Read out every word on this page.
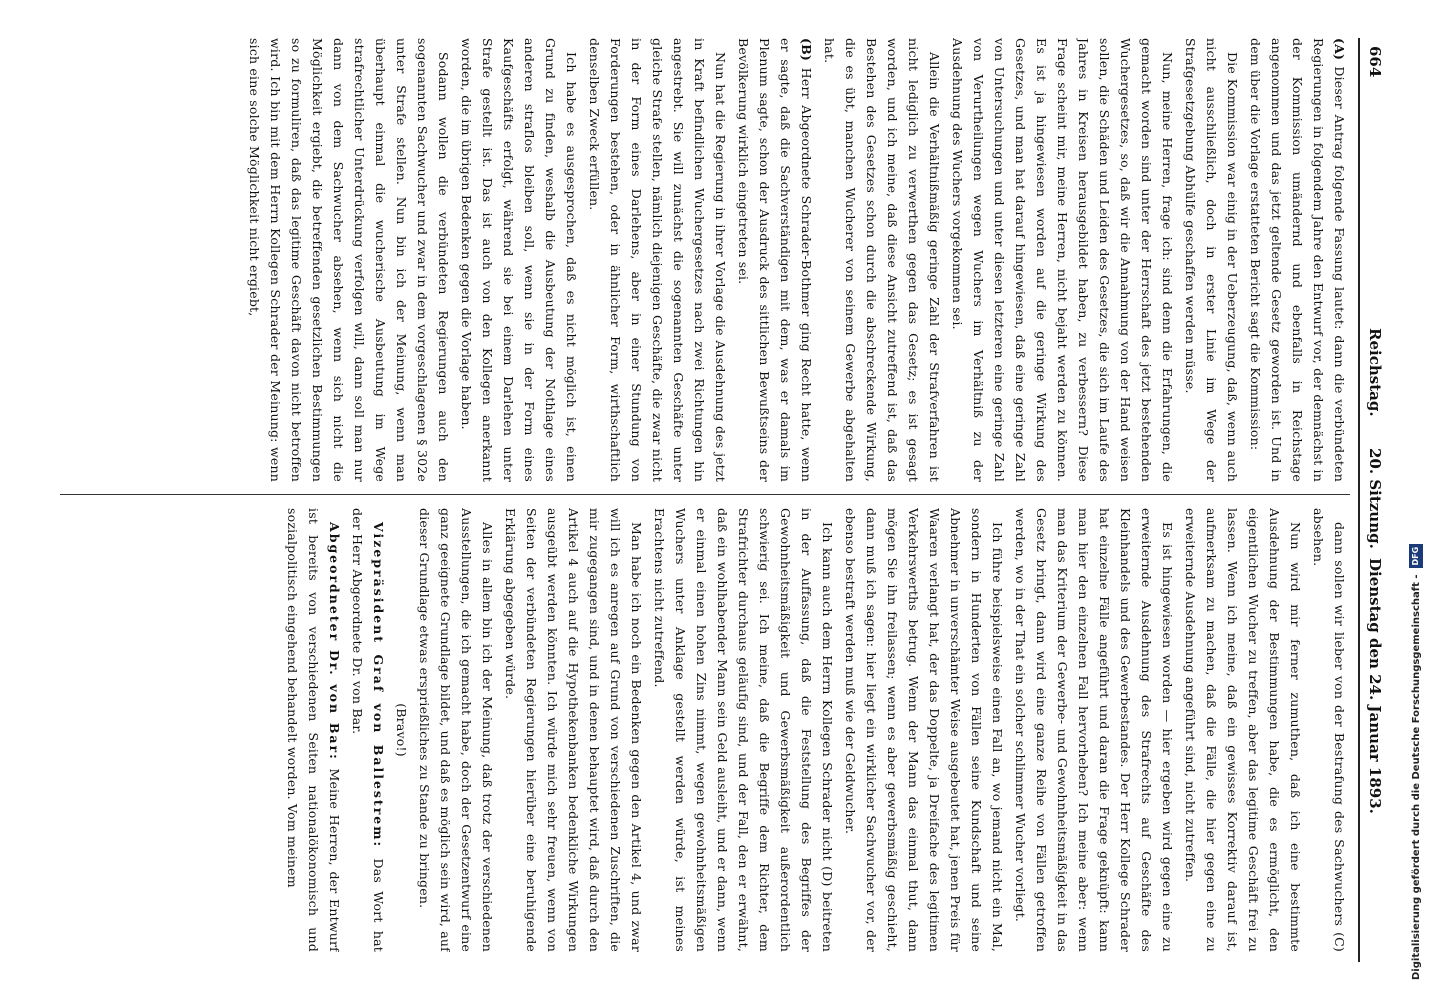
664
Reichstag.
20. Sitzung.
Dienstag den 24. Januar 1893.

(A) Dieser Antrag folgende Fassung lautet: dann die verbündeten Regierungen in folgendem Jahre den Entwurf vor, der demnächst in der Kommission umändernd und ebenfalls in Reichstage angenommen und das jetzt geltende Gesetz geworden ist. Und in dem über die Vorlage erstatteten Bericht sagt die Kommission:

Die Kommission war einig in der Ueberzeugung, daß, wenn auch nicht ausschließlich, doch in erster Linie im Wege der Strafgesetzgebung Abhülfe geschaffen werden müsse.

Nun, meine Herren, frage ich: sind denn die Erfahrungen, die gemacht worden sind unter der Herrschaft des jetzt bestehenden Wuchergesetzes, so, daß wir die Annahmung von der Hand weisen sollen, die Schäden und Leiden des Gesetzes, die sich im Laufe des Jahres in Kreisen herausgebildet haben, zu verbessern? Diese Frage scheint mir, meine Herren, nicht bejaht werden zu können. Es ist ja hingewiesen worden auf die geringe Wirkung des Gesetzes, und man hat darauf hingewiesen, daß eine geringe Zahl von Untersuchungen und unter diesen letzteren eine geringe Zahl von Verurtheilungen wegen Wuchers im Verhältniß zu der Ausdehnung des Wuchers vorgekommen sei.

Allein die Verhältnißmäßig geringe Zahl der Strafverfahren ist nicht lediglich zu verwerthen gegen das Gesetz; es ist gesagt worden, und ich meine, daß diese Ansicht zutreffend ist, daß das Bestehen des Gesetzes schon durch die abschreckende Wirkung, die es übt, manchen Wucherer von seinem Gewerbe abgehalten hat.

(B) Herr Abgeordnete Schrader-Bothmer ging Recht hatte, wenn er sagte, daß die Sachverständigen mit dem, was er damals im Plenum sagte, schon der Ausdruck des sittlichen Bewußtseins der Bevölkerung wirklich eingetreten sei.

Nun hat die Regierung in ihrer Vorlage die Ausdehnung des jetzt in Kraft befindlichen Wuchergesetzes nach zwei Richtungen hin angestrebt. Sie will zunächst die sogenannten Geschäfte unter gleiche Strafe stellen, nämlich diejenigen Geschäfte, die zwar nicht in der Form eines Darlehens, aber in einer Stundung von Forderungen bestehen, oder in ähnlicher Form, wirthschaftlich denselben Zweck erfüllen.

Ich habe es ausgesprochen, daß es nicht möglich ist, einen Grund zu finden, weshalb die Ausbeutung der Nothlage eines anderen straflos bleiben soll, wenn sie in der Form eines Kaufgeschäfts erfolgt, während sie bei einem Darlehen unter Strafe gestellt ist. Das ist auch von den Kollegen anerkannt worden, die im übrigen Bedenken gegen die Vorlage haben.

Sodann wollen die verbündeten Regierungen auch den sogenannten Sachwucher und zwar in dem vorgeschlagenen § 302e unter Strafe stellen. Nun bin ich der Meinung, wenn man überhaupt einmal die wucherische Ausbeutung im Wege strafrechtlicher Unterdrückung verfolgen will, dann soll man nur dann von dem Sachwucher absehen, wenn sich nicht die Möglichkeit ergiebt, die betreffenden gesetzlichen Bestimmungen so zu formuliren, daß das legitime Geschäft davon nicht betroffen wird. Ich bin mit dem Herrn Kollegen Schrader der Meinung: wenn sich eine solche Möglichkeit nicht ergiebt,

dann sollen wir lieber von der Bestrafung des Sachwuchers (C) absehen.

Nun wird mir ferner zumuthen, daß ich eine bestimmte Ausdehnung der Bestimmungen habe, die es ermöglicht, den eigentlichen Wucher zu treffen, aber das legitime Geschäft frei zu lassen. Wenn ich meine, daß ein gewisses Korrektiv darauf ist, aufmerksam zu machen, daß die Fälle, die hier gegen eine zu erweiternde Ausdehnung angeführt sind, nicht zutreffen.

Es ist hingewiesen worden — hier ergeben wird gegen eine zu erweiternde Ausdehnung des Strafrechts auf Geschäfte des Kleinhandels und des Gewerbestandes. Der Herr Kollege Schrader hat einzelne Fälle angeführt und daran die Frage geknüpft: kann man hier den einzelnen Fall hervorheben? Ich meine aber: wenn man das Kriterium der Gewerbe- und Gewohnheitsmäßigkeit in das Gesetz bringt, dann wird eine ganze Reihe von Fällen getroffen werden, wo in der That ein solcher schlimmer Wucher vorliegt.

Ich führe beispielsweise einen Fall an, wo jemand nicht ein Mal, sondern in Hunderten von Fällen seine Kundschaft und seine Abnehmer in unverschämter Weise ausgebeutet hat, jenen Preis für Waaren verlangt hat, der das Doppelte, ja Dreifache des legitimen Verkehrswerths betrug. Wenn der Mann das einmal thut, dann mögen Sie ihn freilassen; wenn es aber gewerbsmäßig geschieht, dann muß ich sagen: hier liegt ein wirklicher Sachwucher vor, der ebenso bestraft werden muß wie der Geldwucher.

Ich kann auch dem Herrn Kollegen Schrader nicht (D) beitreten in der Auffassung, daß die Feststellung des Begriffes der Gewohnheitsmäßigkeit und Gewerbsmäßigkeit außerordentlich schwierig sei. Ich meine, daß die Begriffe dem Richter, dem Strafrichter durchaus geläufig sind, und der Fall, den er erwähnt, daß ein wohlhabender Mann sein Geld ausleiht, und er dann, wenn er einmal einen hohen Zins nimmt, wegen gewohnheitsmäßigen Wuchers unter Anklage gestellt werden würde, ist meines Erachtens nicht zutreffend.

Man habe ich noch ein Bedenken gegen den Artikel 4, und zwar will ich es anregen auf Grund von verschiedenen Zuschriften, die mir zugegangen sind, und in denen behauptet wird, daß durch den Artikel 4 auch auf die Hypothekenbanken bedenkliche Wirkungen ausgeübt werden könnten. Ich würde mich sehr freuen, wenn von Seiten der verbündeten Regierungen hierüber eine beruhigende Erklärung abgegeben würde.

Alles in allem bin ich der Meinung, daß trotz der verschiedenen Ausstellungen, die ich gemacht habe, doch der Gesetzentwurf eine ganz geeignete Grundlage bildet, und daß es möglich sein wird, auf dieser Grundlage etwas ersprießliches zu Stande zu bringen.

(Bravo!)

Vizepräsident Graf von Ballestrem: Das Wort hat der Herr Abgeordnete Dr. von Bar.

Abgeordneter Dr. von Bar: Meine Herren, der Entwurf ist bereits von verschiedenen Seiten nationalökonomisch und sozialpolitisch eingehend behandelt worden. Vom meinem	Digitalisierung gefördert durch die Deutsche Forschungsgemeinschaft -
DFG
